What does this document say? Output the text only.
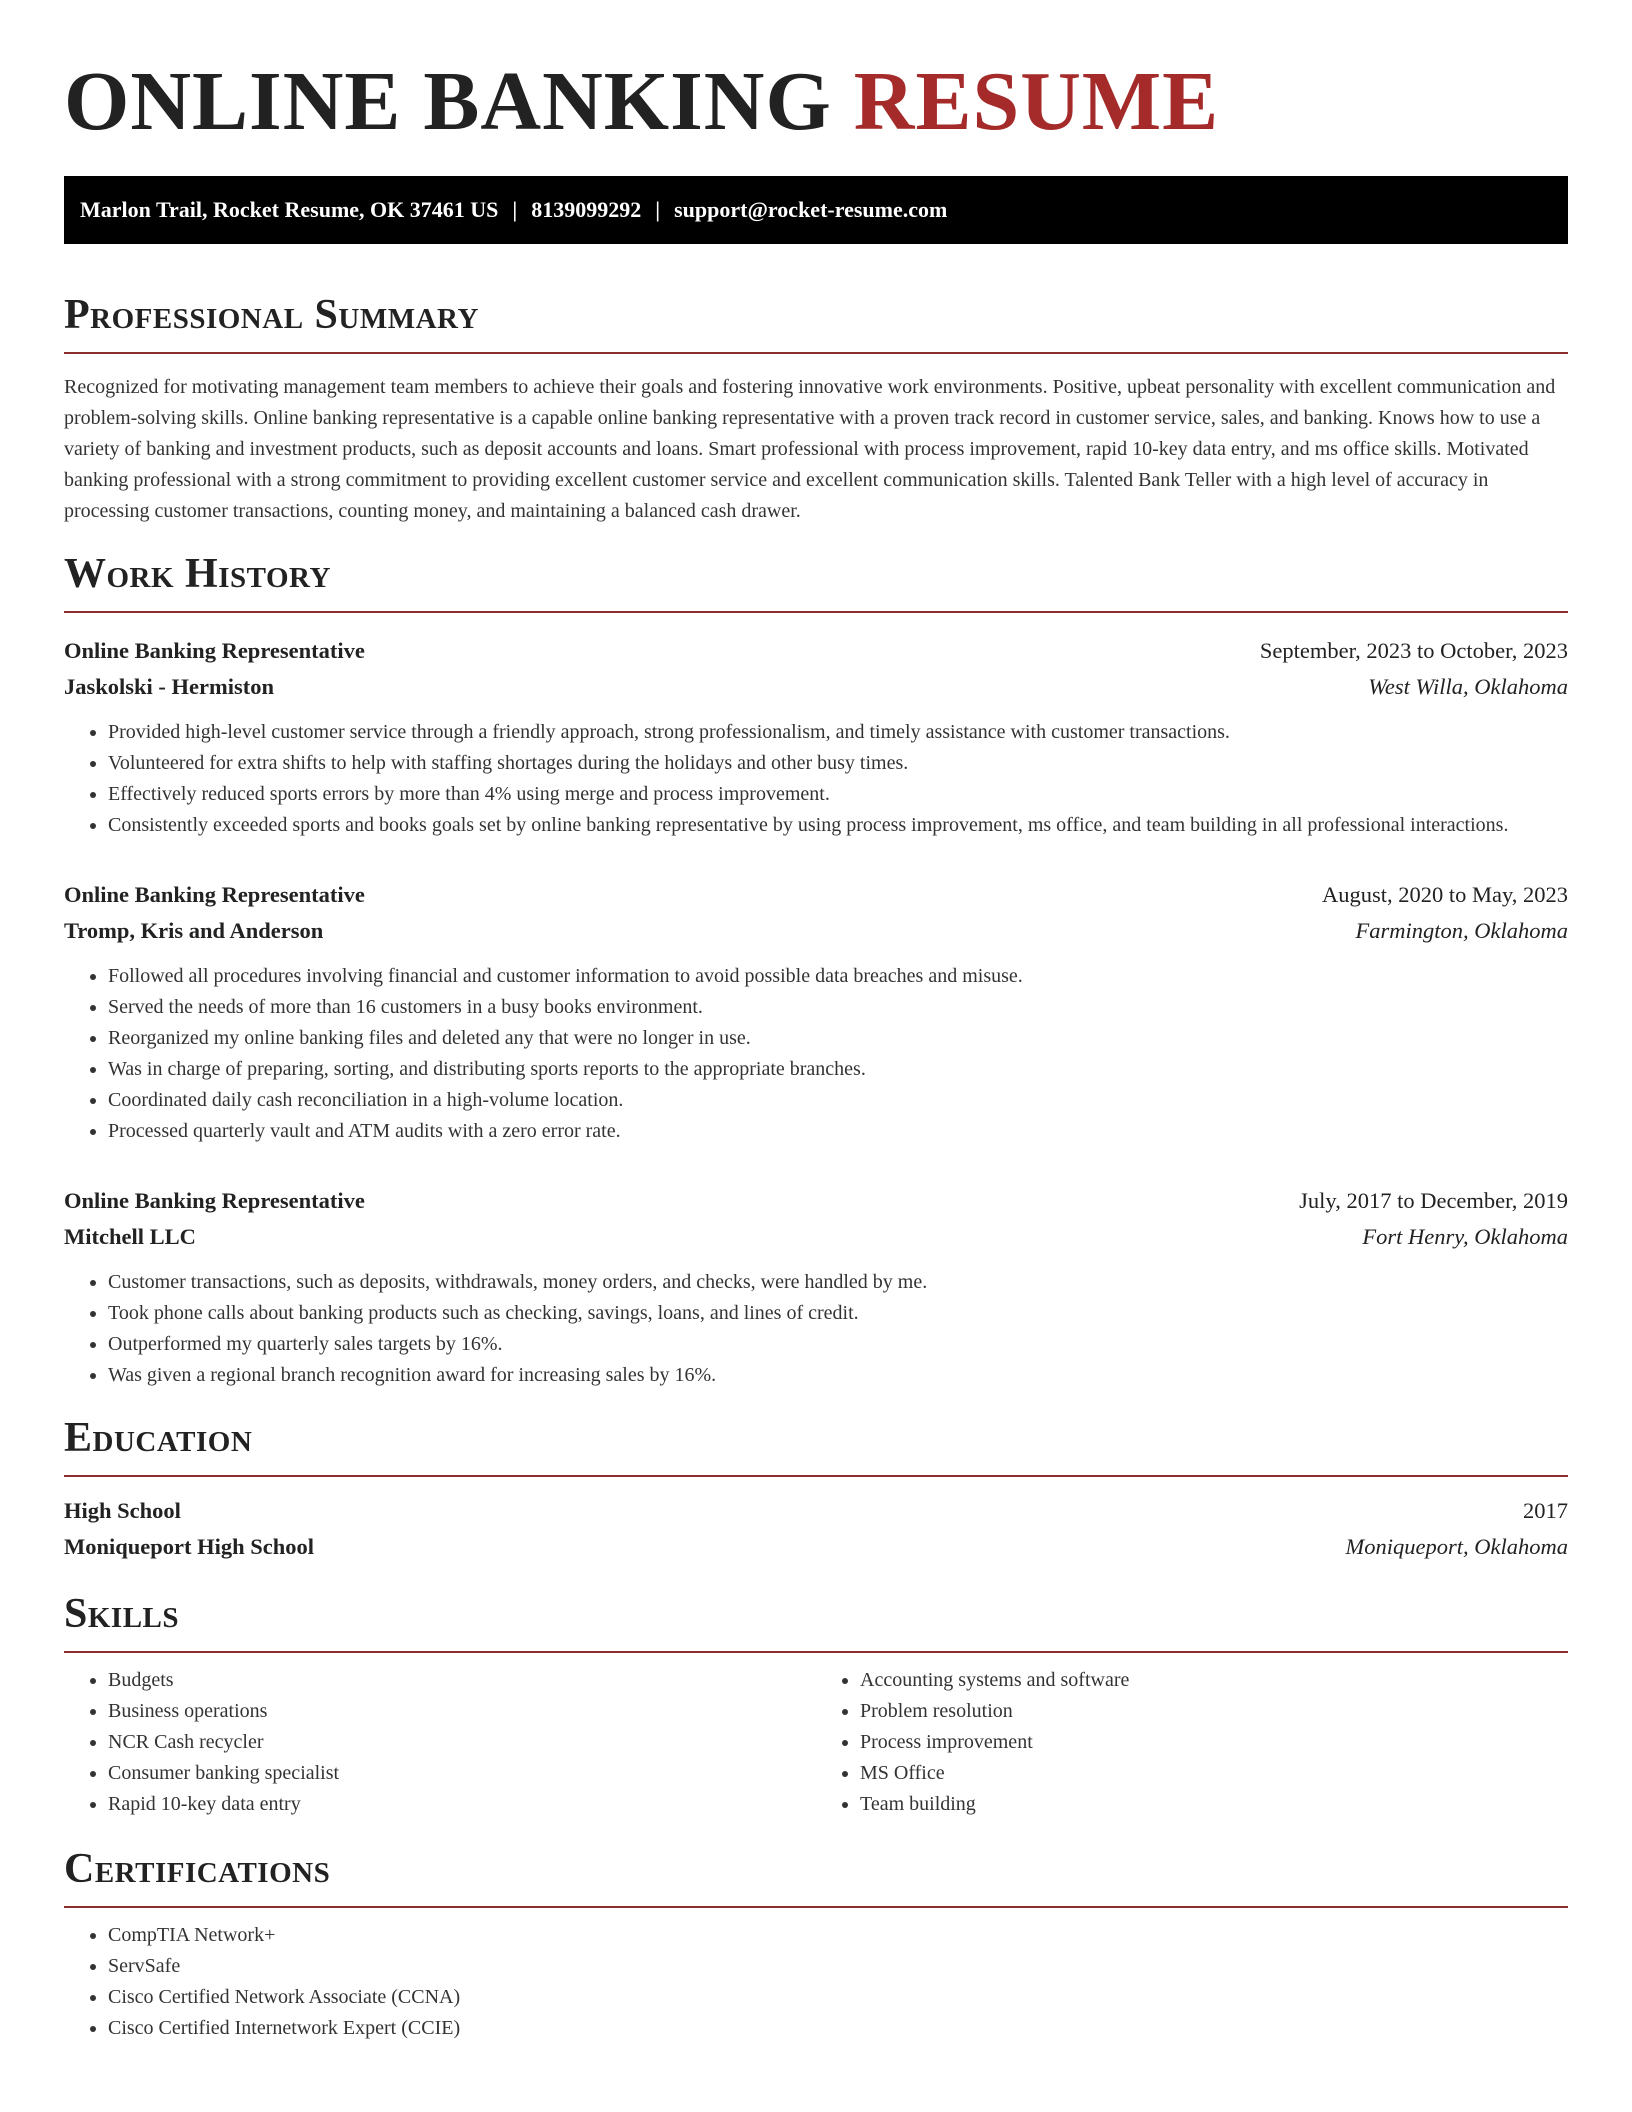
ONLINE BANKING RESUME
Marlon Trail, Rocket Resume, OK 37461 US | 8139099292 | support@rocket-resume.com
Professional Summary

Recognized for motivating management team members to achieve their goals and fostering innovative work environments. Positive, upbeat personality with excellent communication and problem-solving skills. Online banking representative is a capable online banking representative with a proven track record in customer service, sales, and banking. Knows how to use a variety of banking and investment products, such as deposit accounts and loans. Smart professional with process improvement, rapid 10-key data entry, and ms office skills. Motivated banking professional with a strong commitment to providing excellent customer service and excellent communication skills. Talented Bank Teller with a high level of accuracy in processing customer transactions, counting money, and maintaining a balanced cash drawer.

Work History
Online Banking Representative	September, 2023 to October, 2023
Jaskolski - Hermiston	West Willa, Oklahoma
• Provided high-level customer service through a friendly approach, strong professionalism, and timely assistance with customer transactions.
• Volunteered for extra shifts to help with staffing shortages during the holidays and other busy times.
• Effectively reduced sports errors by more than 4% using merge and process improvement.
• Consistently exceeded sports and books goals set by online banking representative by using process improvement, ms office, and team building in all professional interactions.
Online Banking Representative	August, 2020 to May, 2023
Tromp, Kris and Anderson	Farmington, Oklahoma
• Followed all procedures involving financial and customer information to avoid possible data breaches and misuse.
• Served the needs of more than 16 customers in a busy books environment.
• Reorganized my online banking files and deleted any that were no longer in use.
• Was in charge of preparing, sorting, and distributing sports reports to the appropriate branches.
• Coordinated daily cash reconciliation in a high-volume location.
• Processed quarterly vault and ATM audits with a zero error rate.
Online Banking Representative	July, 2017 to December, 2019
Mitchell LLC	Fort Henry, Oklahoma
• Customer transactions, such as deposits, withdrawals, money orders, and checks, were handled by me.
• Took phone calls about banking products such as checking, savings, loans, and lines of credit.
• Outperformed my quarterly sales targets by 16%.
• Was given a regional branch recognition award for increasing sales by 16%.
Education
High School	2017
Moniqueport High School	Moniqueport, Oklahoma
Skills
• Budgets
• Business operations
• NCR Cash recycler
• Consumer banking specialist
• Rapid 10-key data entry
• Accounting systems and software
• Problem resolution
• Process improvement
• MS Office
• Team building
Certifications
• CompTIA Network+
• ServSafe
• Cisco Certified Network Associate (CCNA)
• Cisco Certified Internetwork Expert (CCIE)
